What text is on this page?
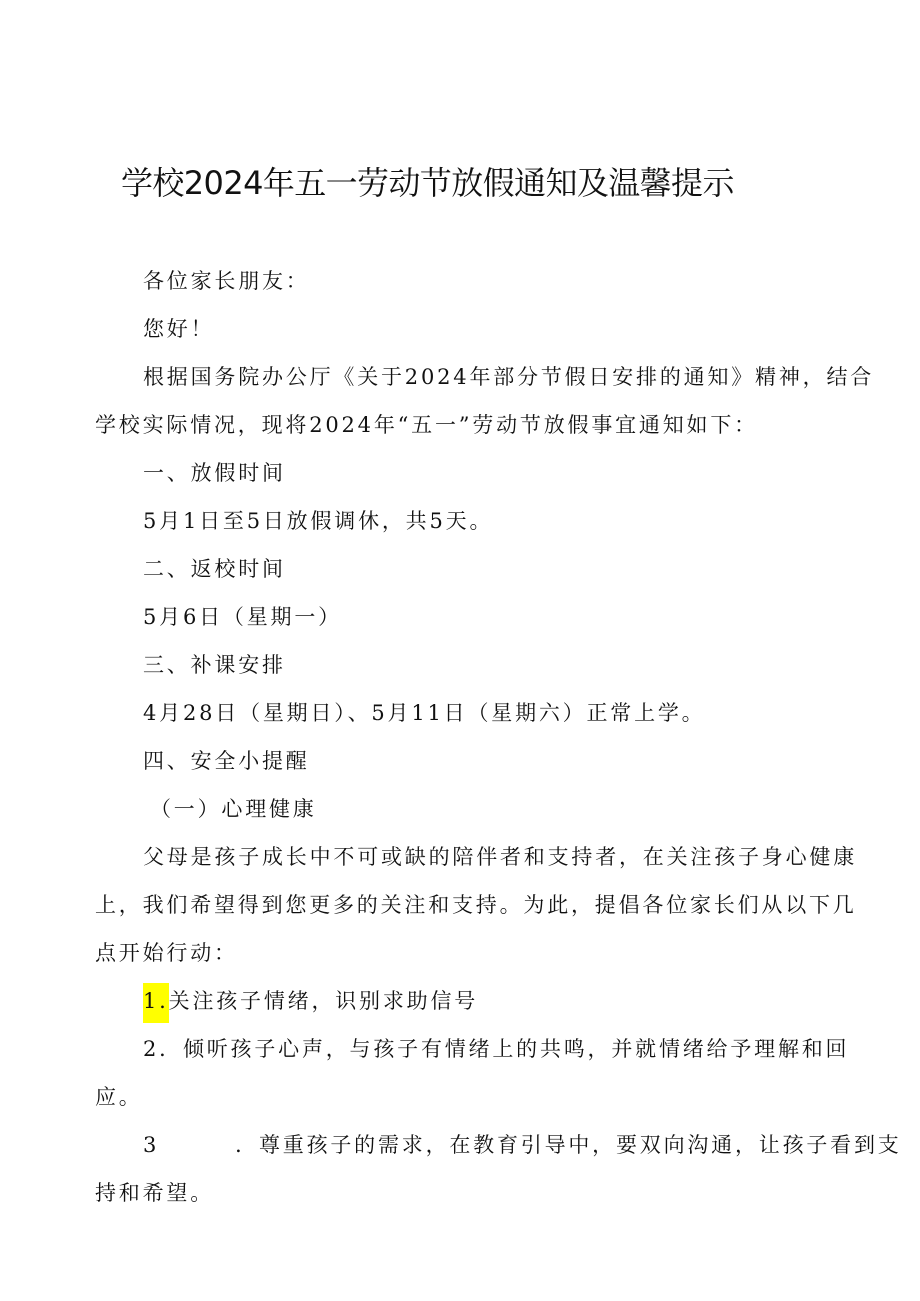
学校2024年五一劳动节放假通知及温馨提示
各位家长朋友：
您好！
根据国务院办公厅《关于2024年部分节假日安排的通知》精神，结合
学校实际情况，现将2024年“五一”劳动节放假事宜通知如下：
一、放假时间
5月1日至5日放假调休，共5天。
二、返校时间
5月6日（星期一）
三、补课安排
4月28日（星期日）、5月11日（星期六）正常上学。
四、安全小提醒
（一）心理健康
父母是孩子成长中不可或缺的陪伴者和支持者，在关注孩子身心健康
上，我们希望得到您更多的关注和支持。为此，提倡各位家长们从以下几
点开始行动：
1.关注孩子情绪，识别求助信号
2．倾听孩子心声，与孩子有情绪上的共鸣，并就情绪给予理解和回
应。
3	．尊重孩子的需求，在教育引导中，要双向沟通，让孩子看到支
持和希望。
